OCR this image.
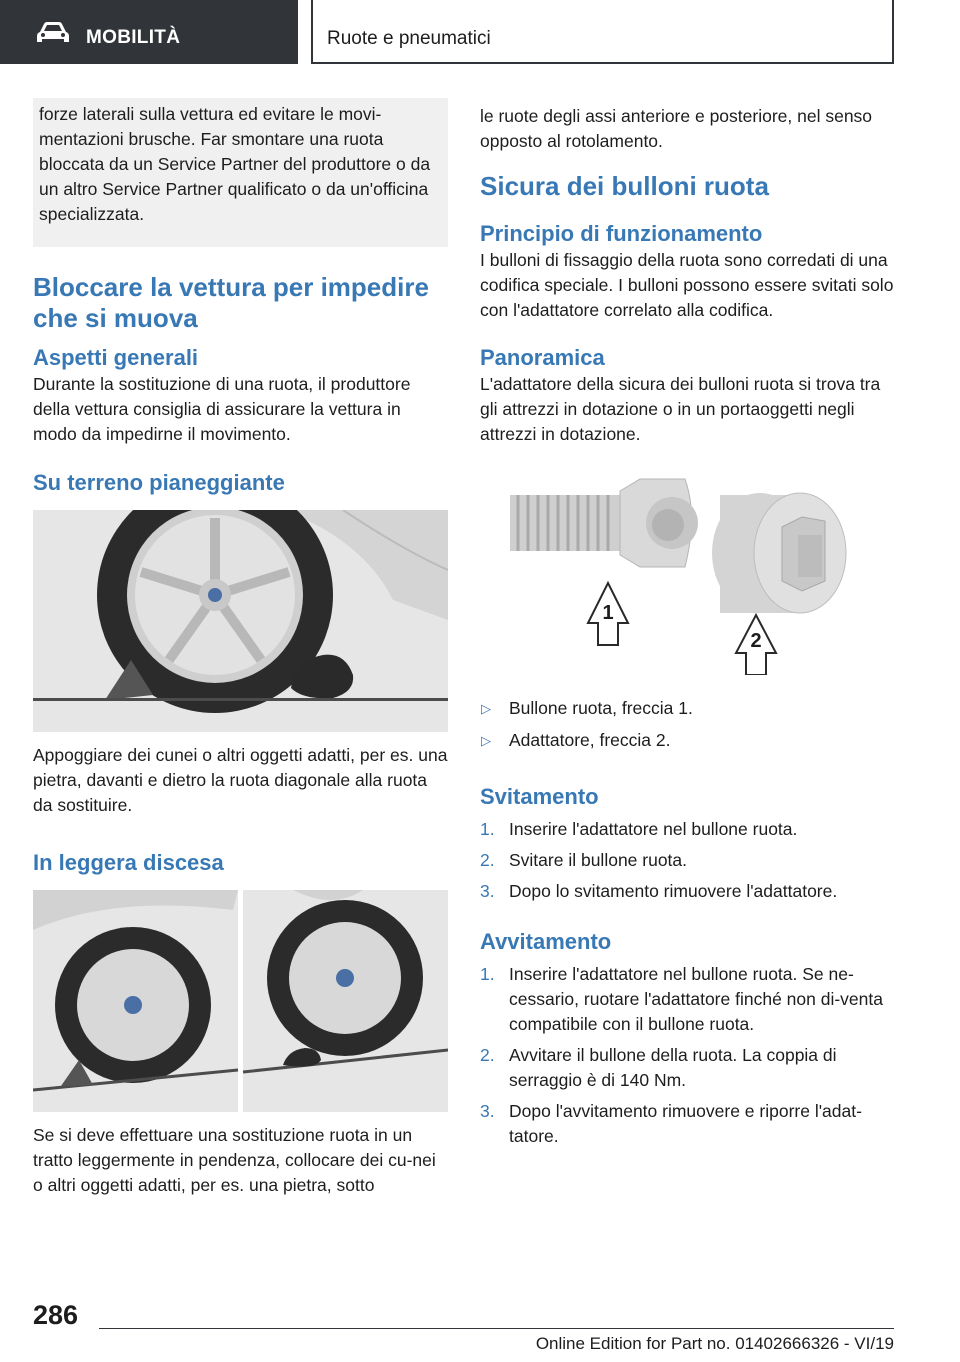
MOBILITÀ	Ruote e pneumatici

forze laterali sulla vettura ed evitare le movi-mentazioni brusche. Far smontare una ruota bloccata da un Service Partner del produttore o da un altro Service Partner qualificato o da un'officina specializzata.

Bloccare la vettura per impedire che si muova
Aspetti generali

Durante la sostituzione di una ruota, il produttore della vettura consiglia di assicurare la vettura in modo da impedirne il movimento.

Su terreno pianeggiante

Appoggiare dei cunei o altri oggetti adatti, per es. una pietra, davanti e dietro la ruota diagonale alla ruota da sostituire.

In leggera discesa

Se si deve effettuare una sostituzione ruota in un tratto leggermente in pendenza, collocare dei cu-nei o altri oggetti adatti, per es. una pietra, sotto

le ruote degli assi anteriore e posteriore, nel senso opposto al rotolamento.

Sicura dei bulloni ruota
Principio di funzionamento

I bulloni di fissaggio della ruota sono corredati di una codifica speciale. I bulloni possono essere svitati solo con l'adattatore correlato alla codifica.

Panoramica

L'adattatore della sicura dei bulloni ruota si trova tra gli attrezzi in dotazione o in un portaoggetti negli attrezzi in dotazione.

1
2
▷ Bullone ruota, freccia 1.
▷ Adattatore, freccia 2.
Svitamento
1. Inserire l'adattatore nel bullone ruota.
2. Svitare il bullone ruota.
3. Dopo lo svitamento rimuovere l'adattatore.
Avvitamento
1. Inserire l'adattatore nel bullone ruota. Se ne-cessario, ruotare l'adattatore finché non di-venta compatibile con il bullone ruota.
2. Avvitare il bullone della ruota. La coppia di serraggio è di 140 Nm.
3. Dopo l'avvitamento rimuovere e riporre l'adat-tatore.
286
Online Edition for Part no. 01402666326 - VI/19
